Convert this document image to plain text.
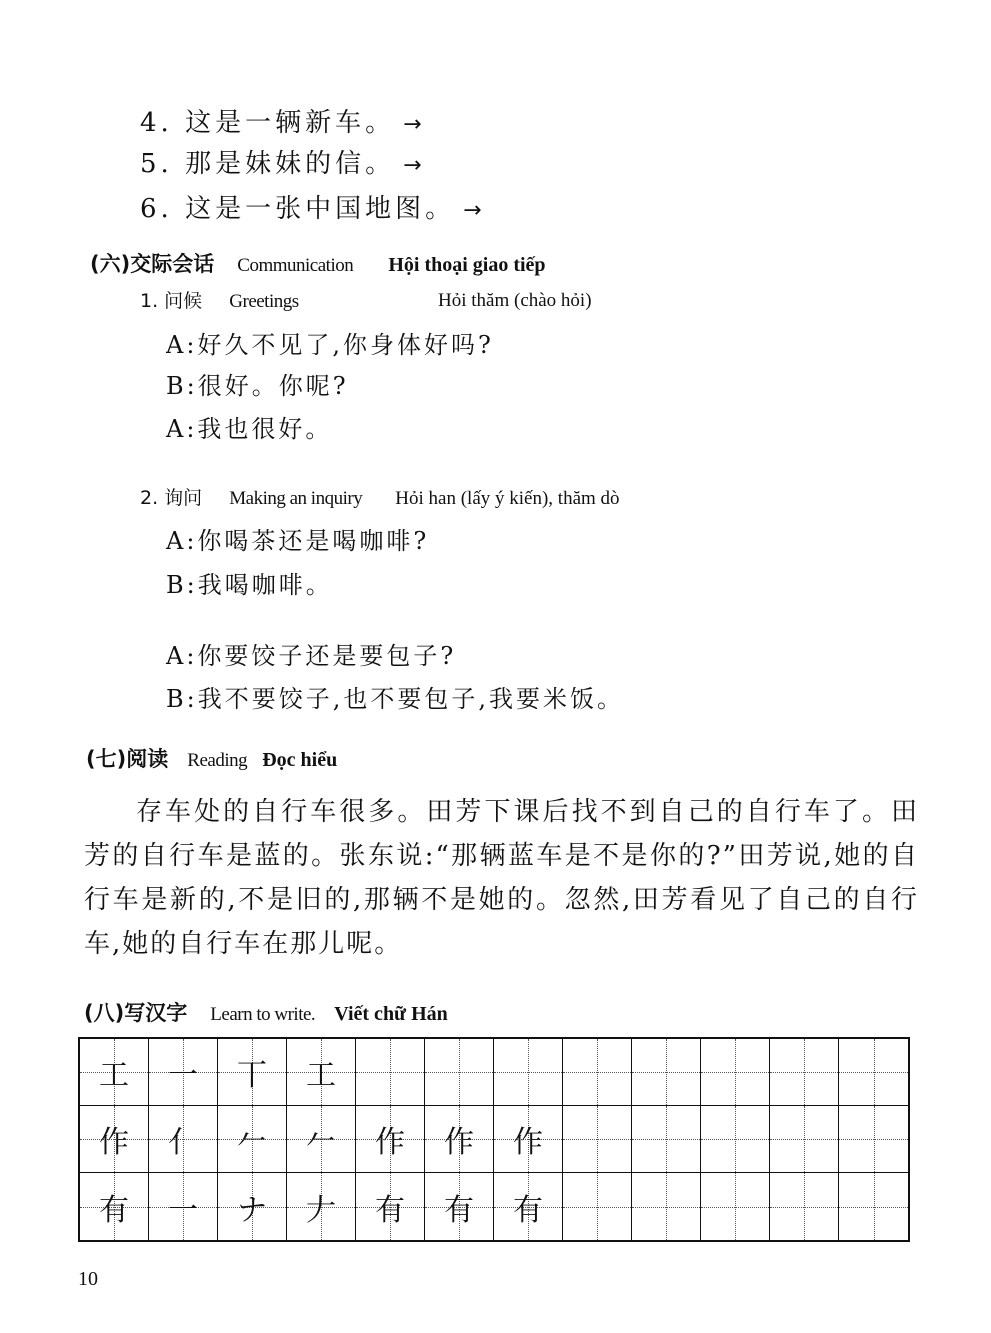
4. 这是一辆新车。 →
5. 那是妹妹的信。 →
6. 这是一张中国地图。 →
(六)交际会话 Communication Hội thoại giao tiếp
1. 问候 Greetings	Hỏi thăm (chào hỏi)
A:好久不见了,你身体好吗?
B:很好。你呢?
A:我也很好。
2. 询问 Making an inquiry Hỏi han (lấy ý kiến), thăm dò
A:你喝茶还是喝咖啡?
B:我喝咖啡。
A:你要饺子还是要包子?
B:我不要饺子,也不要包子,我要米饭。
(七)阅读 Reading Đọc hiểu

存车处的自行车很多。田芳下课后找不到自己的自行车了。田芳的自行车是蓝的。张东说:“那辆蓝车是不是你的?”田芳说,她的自行车是新的,不是旧的,那辆不是她的。忽然,田芳看见了自己的自行车,她的自行车在那儿呢。

(八)写汉字 Learn to write. Viết chữ Hán
工 一 丅 工
作 亻 𠂉 𠂉 作 作 作
有 一 ナ 𠂇 有 有 有
10
